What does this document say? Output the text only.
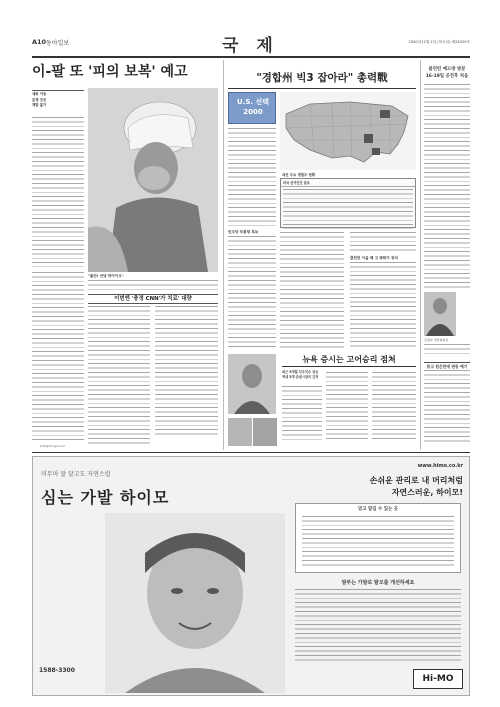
A10 동아일보	국 제	2000년11월 2일 (목요일) 제24329호
이-팔 또 '피의 보복' 예고
세화 이동
분쟁 곳곳
재발 불가
"불안! 안녕 하아이오"
이번엔 '충정 CNN'가 치료' 대량
kdh@donga.com
"경합州 빅3 잡아라" 총력戰
U.S. 선택 2000
대선 주요 경합주 현황
미국 선거인단 분포
민주당 부통령 후보
클린턴 이을 해 고 평화가 장치
뉴욕 증시는 고어승리 점쳐
최근 5개월 다우지수 상승 역대 5개 증권시장의 간격
클린턴 예드방 방문
16-19일 공전후 처음
김정일 국방위원장
퓨고 원은반에 변동 예기
미무마 잘 달고도 자연스럽
심는 가발 하이모
www.himo.co.kr
손쉬운 관리로 내 머리처럼
자연스러운, 하이모!
믿고 맡길 수 있는 곳
발부는 가발로 탈모를 개선하세요
Hi-MO
1588-3300
